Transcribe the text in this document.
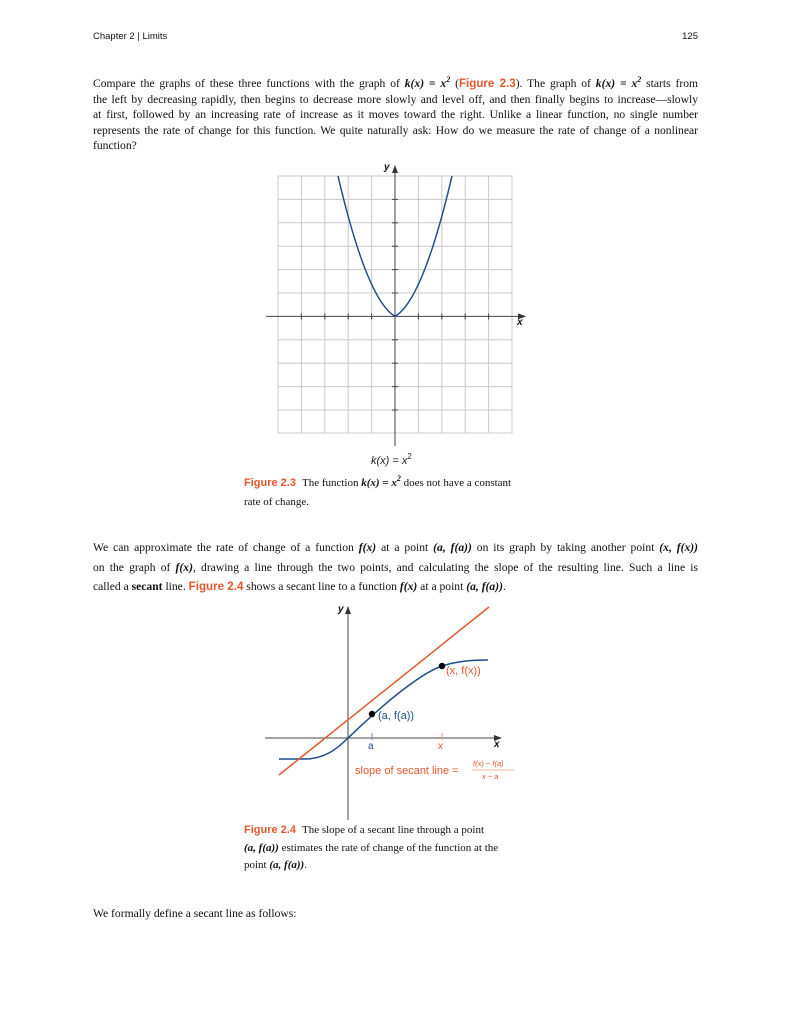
Chapter 2 | Limits	125
Compare the graphs of these three functions with the graph of $k(x) = x^2$ (Figure 2.3). The graph of $k(x) = x^2$ starts from
the left by decreasing rapidly, then begins to decrease more slowly and level off, and then finally begins to increase—slowly
at first, followed by an increasing rate of increase as it moves toward the right. Unlike a linear function, no single number
represents the rate of change for this function. We quite naturally ask: How do we measure the rate of change of a nonlinear
function?
y
x
$k(x) = x^2$
Figure 2.3 The function $k(x) = x^2$ does not have a constant
rate of change.
We can approximate the rate of change of a function f(x) at a point (a, f(a)) on its graph by taking another point (x, f(x))
on the graph of f(x), drawing a line through the two points, and calculating the slope of the resulting line. Such a line is
called a secant line. Figure 2.4 shows a secant line to a function f(x) at a point (a, f(a)).
y
x
a	x
(a, f(a))
(x, f(x))
slope of secant line =
f(x) − f(a)
x − a
Figure 2.4 The slope of a secant line through a point
(a, f(a)) estimates the rate of change of the function at the
point (a, f(a)).
We formally define a secant line as follows:
